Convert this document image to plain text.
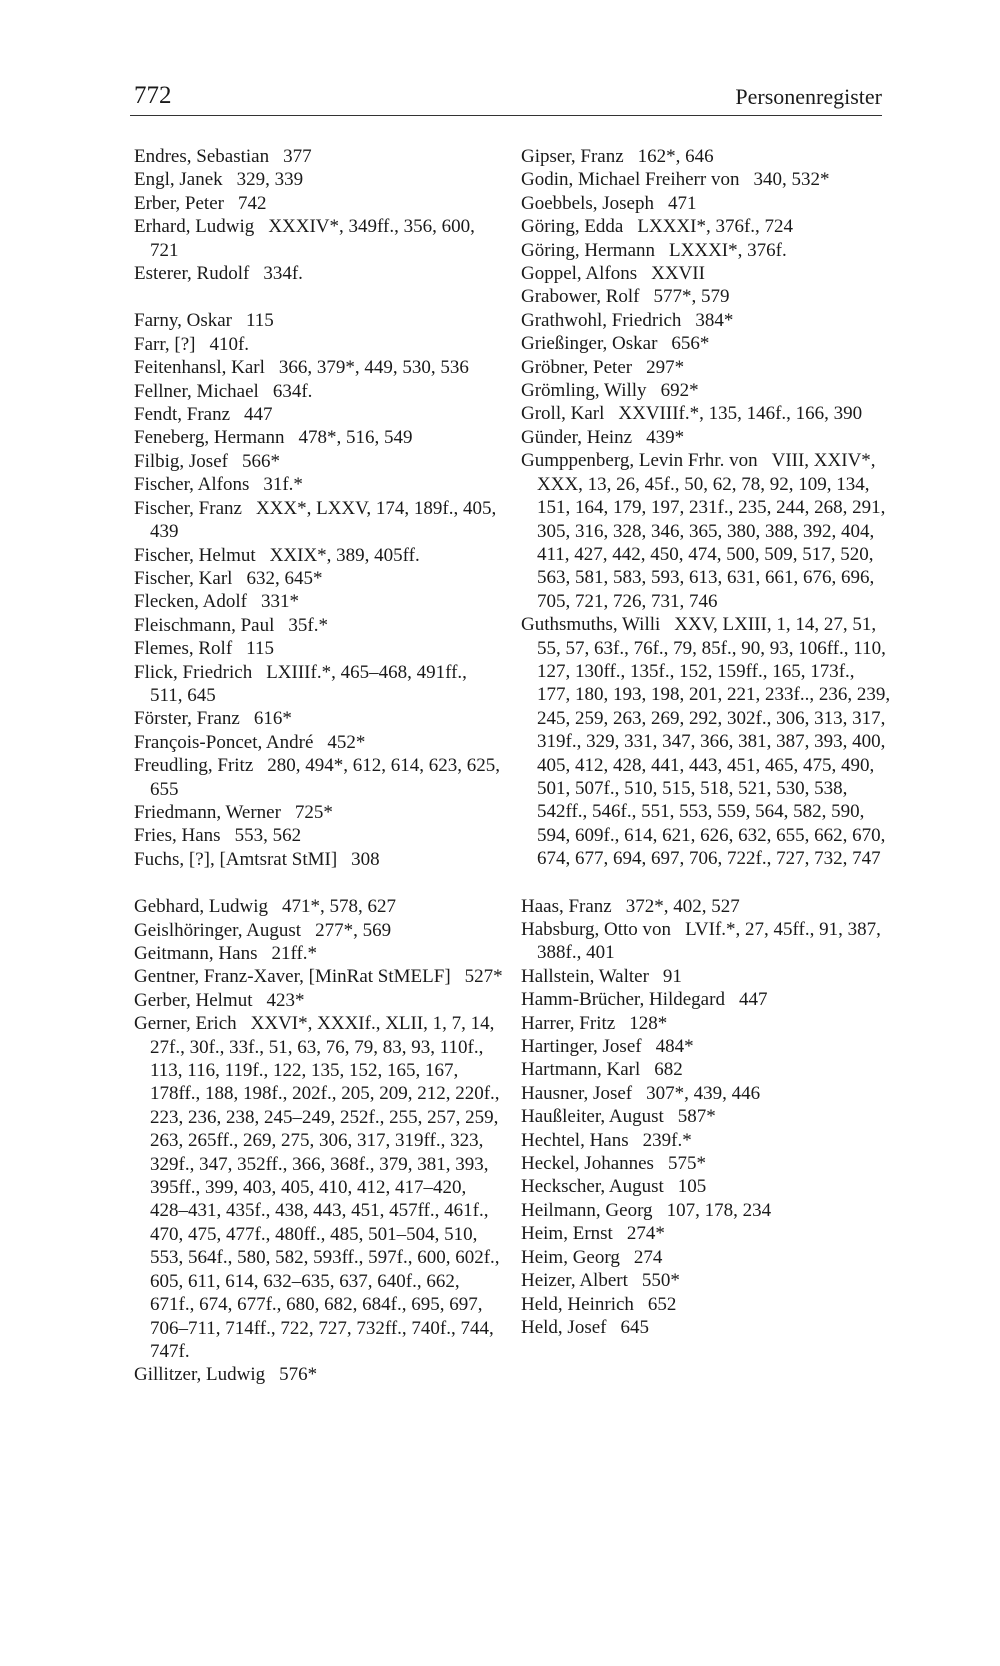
772	Personenregister
Endres, Sebastian 377
Engl, Janek 329, 339
Erber, Peter 742
Erhard, Ludwig XXXIV*, 349ff., 356, 600, 721
Esterer, Rudolf 334f.
Farny, Oskar 115
Farr, [?] 410f.
Feitenhansl, Karl 366, 379*, 449, 530, 536
Fellner, Michael 634f.
Fendt, Franz 447
Feneberg, Hermann 478*, 516, 549
Filbig, Josef 566*
Fischer, Alfons 31f.*
Fischer, Franz XXX*, LXXV, 174, 189f., 405, 439
Fischer, Helmut XXIX*, 389, 405ff.
Fischer, Karl 632, 645*
Flecken, Adolf 331*
Fleischmann, Paul 35f.*
Flemes, Rolf 115
Flick, Friedrich LXIIIf.*, 465–468, 491ff., 511, 645
Förster, Franz 616*
François-Poncet, André 452*
Freudling, Fritz 280, 494*, 612, 614, 623, 625, 655
Friedmann, Werner 725*
Fries, Hans 553, 562
Fuchs, [?], [Amtsrat StMI] 308
Gebhard, Ludwig 471*, 578, 627
Geislhöringer, August 277*, 569
Geitmann, Hans 21ff.*
Gentner, Franz-Xaver, [MinRat StMELF] 527*
Gerber, Helmut 423*
Gerner, Erich XXVI*, XXXIf., XLII, 1, 7, 14, 27f., 30f., 33f., 51, 63, 76, 79, 83, 93, 110f., 113, 116, 119f., 122, 135, 152, 165, 167, 178ff., 188, 198f., 202f., 205, 209, 212, 220f., 223, 236, 238, 245–249, 252f., 255, 257, 259, 263, 265ff., 269, 275, 306, 317, 319ff., 323, 329f., 347, 352ff., 366, 368f., 379, 381, 393, 395ff., 399, 403, 405, 410, 412, 417–420, 428–431, 435f., 438, 443, 451, 457ff., 461f., 470, 475, 477f., 480ff., 485, 501–504, 510, 553, 564f., 580, 582, 593ff., 597f., 600, 602f., 605, 611, 614, 632–635, 637, 640f., 662, 671f., 674, 677f., 680, 682, 684f., 695, 697, 706–711, 714ff., 722, 727, 732ff., 740f., 744, 747f.
Gillitzer, Ludwig 576*
Gipser, Franz 162*, 646
Godin, Michael Freiherr von 340, 532*
Goebbels, Joseph 471
Göring, Edda LXXXI*, 376f., 724
Göring, Hermann LXXXI*, 376f.
Goppel, Alfons XXVII
Grabower, Rolf 577*, 579
Grathwohl, Friedrich 384*
Grießinger, Oskar 656*
Gröbner, Peter 297*
Grömling, Willy 692*
Groll, Karl XXVIIIf.*, 135, 146f., 166, 390
Günder, Heinz 439*
Gumppenberg, Levin Frhr. von VIII, XXIV*, XXX, 13, 26, 45f., 50, 62, 78, 92, 109, 134, 151, 164, 179, 197, 231f., 235, 244, 268, 291, 305, 316, 328, 346, 365, 380, 388, 392, 404, 411, 427, 442, 450, 474, 500, 509, 517, 520, 563, 581, 583, 593, 613, 631, 661, 676, 696, 705, 721, 726, 731, 746
Guthsmuths, Willi XXV, LXIII, 1, 14, 27, 51, 55, 57, 63f., 76f., 79, 85f., 90, 93, 106ff., 110, 127, 130ff., 135f., 152, 159ff., 165, 173f., 177, 180, 193, 198, 201, 221, 233f.., 236, 239, 245, 259, 263, 269, 292, 302f., 306, 313, 317, 319f., 329, 331, 347, 366, 381, 387, 393, 400, 405, 412, 428, 441, 443, 451, 465, 475, 490, 501, 507f., 510, 515, 518, 521, 530, 538, 542ff., 546f., 551, 553, 559, 564, 582, 590, 594, 609f., 614, 621, 626, 632, 655, 662, 670, 674, 677, 694, 697, 706, 722f., 727, 732, 747
Haas, Franz 372*, 402, 527
Habsburg, Otto von LVIf.*, 27, 45ff., 91, 387, 388f., 401
Hallstein, Walter 91
Hamm-Brücher, Hildegard 447
Harrer, Fritz 128*
Hartinger, Josef 484*
Hartmann, Karl 682
Hausner, Josef 307*, 439, 446
Haußleiter, August 587*
Hechtel, Hans 239f.*
Heckel, Johannes 575*
Heckscher, August 105
Heilmann, Georg 107, 178, 234
Heim, Ernst 274*
Heim, Georg 274
Heizer, Albert 550*
Held, Heinrich 652
Held, Josef 645
